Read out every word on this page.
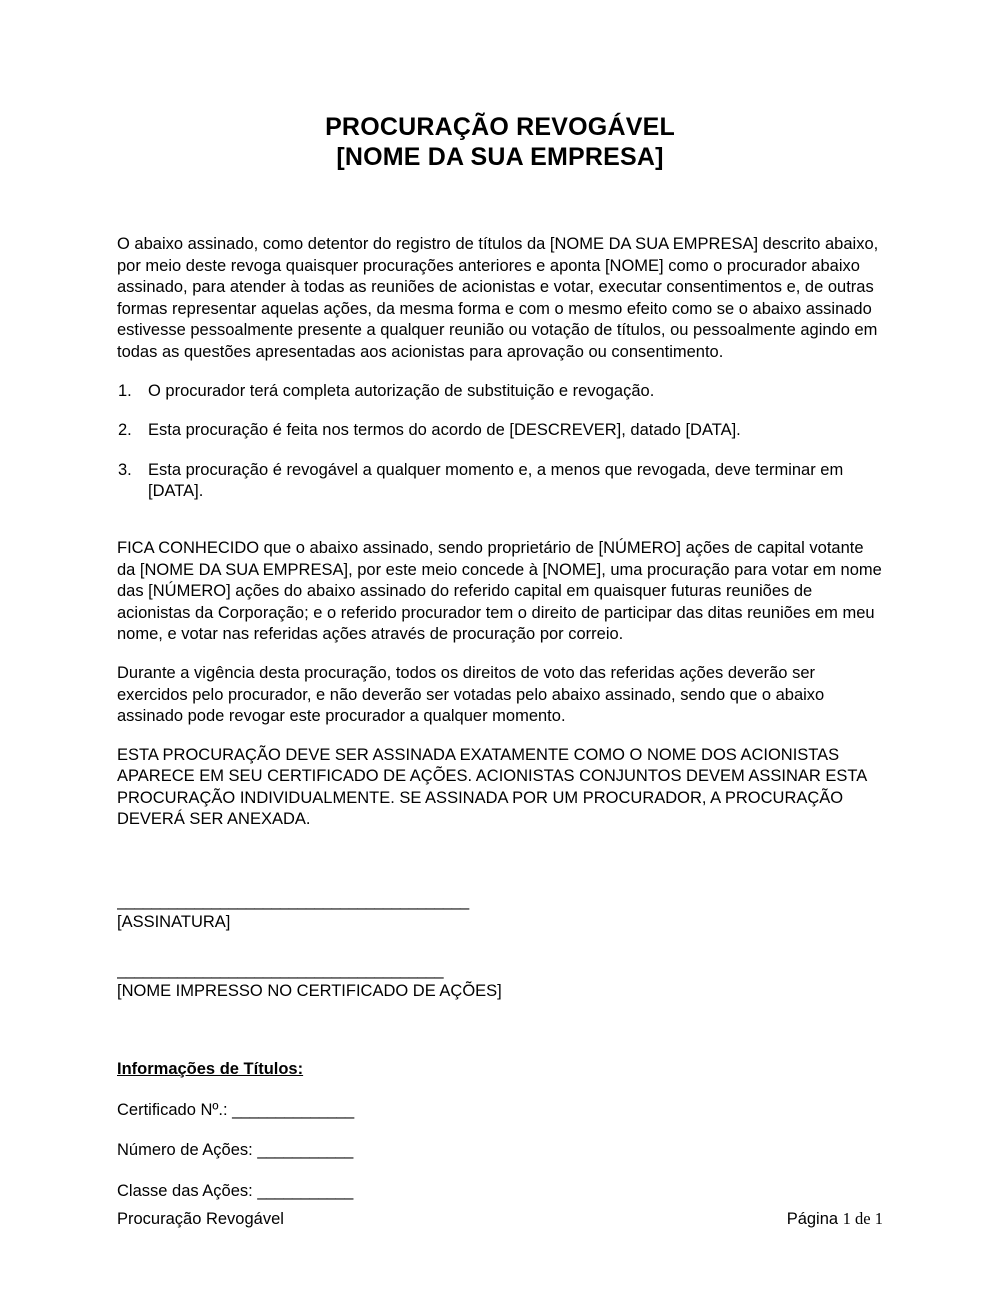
PROCURAÇÃO REVOGÁVEL
[NOME DA SUA EMPRESA]

O abaixo assinado, como detentor do registro de títulos da [NOME DA SUA EMPRESA] descrito abaixo, por meio deste revoga quaisquer procurações anteriores e aponta [NOME] como o procurador abaixo assinado, para atender à todas as reuniões de acionistas e votar, executar consentimentos e, de outras formas representar aquelas ações, da mesma forma e com o mesmo efeito como se o abaixo assinado estivesse pessoalmente presente a qualquer reunião ou votação de títulos, ou pessoalmente agindo em todas as questões apresentadas aos acionistas para aprovação ou consentimento.

1. O procurador terá completa autorização de substituição e revogação.
2. Esta procuração é feita nos termos do acordo de [DESCREVER], datado [DATA].
3. Esta procuração é revogável a qualquer momento e, a menos que revogada, deve terminar em [DATA].

FICA CONHECIDO que o abaixo assinado, sendo proprietário de [NÚMERO] ações de capital votante da [NOME DA SUA EMPRESA], por este meio concede à [NOME], uma procuração para votar em nome das [NÚMERO] ações do abaixo assinado do referido capital em quaisquer futuras reuniões de acionistas da Corporação; e o referido procurador tem o direito de participar das ditas reuniões em meu nome, e votar nas referidas ações através de procuração por correio.

Durante a vigência desta procuração, todos os direitos de voto das referidas ações deverão ser exercidos pelo procurador, e não deverão ser votadas pelo abaixo assinado, sendo que o abaixo assinado pode revogar este procurador a qualquer momento.

ESTA PROCURAÇÃO DEVE SER ASSINADA EXATAMENTE COMO O NOME DOS ACIONISTAS APARECE EM SEU CERTIFICADO DE AÇÕES. ACIONISTAS CONJUNTOS DEVEM ASSINAR ESTA PROCURAÇÃO INDIVIDUALMENTE. SE ASSINADA POR UM PROCURADOR, A PROCURAÇÃO DEVERÁ SER ANEXADA.

_________________________________________
[ASSINATURA]
______________________________________
[NOME IMPRESSO NO CERTIFICADO DE AÇÕES]
Informações de Títulos:
Certificado Nº.: ______________
Número de Ações: ___________
Classe das Ações: ___________
Procuração Revogável	Página 1 de 1
